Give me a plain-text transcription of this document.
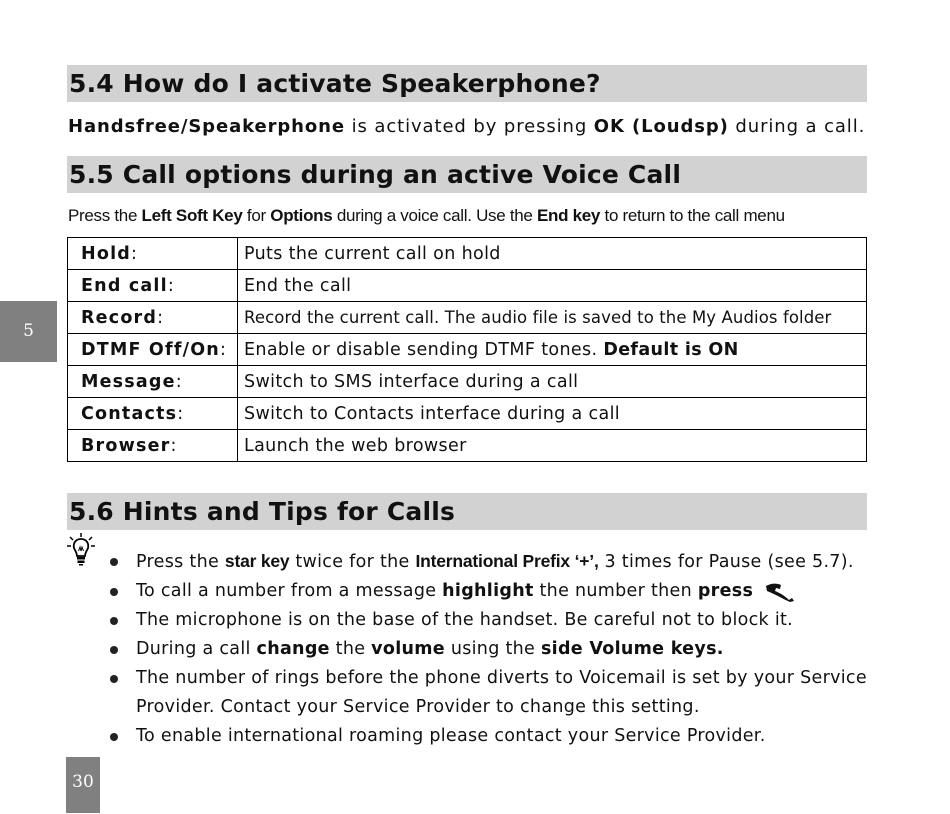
5
5.4 How do I activate Speakerphone?
Handsfree/Speakerphone is activated by pressing OK (Loudsp) during a call.
5.5 Call options during an active Voice Call
Press the Left Soft Key for Options during a voice call. Use the End key to return to the call menu
Hold:	Puts the current call on hold
End call:	End the call
Record:	Record the current call. The audio file is saved to the My Audios folder
DTMF Off/On:	Enable or disable sending DTMF tones. Default is ON
Message:	Switch to SMS interface during a call
Contacts:	Switch to Contacts interface during a call
Browser:	Launch the web browser
5.6 Hints and Tips for Calls
Press the star key twice for the International Prefix ‘+’, 3 times for Pause (see 5.7).
To call a number from a message highlight the number then press
The microphone is on the base of the handset. Be careful not to block it.
During a call change the volume using the side Volume keys.
The number of rings before the phone diverts to Voicemail is set by your Service Provider. Contact your Service Provider to change this setting.
To enable international roaming please contact your Service Provider.
30
